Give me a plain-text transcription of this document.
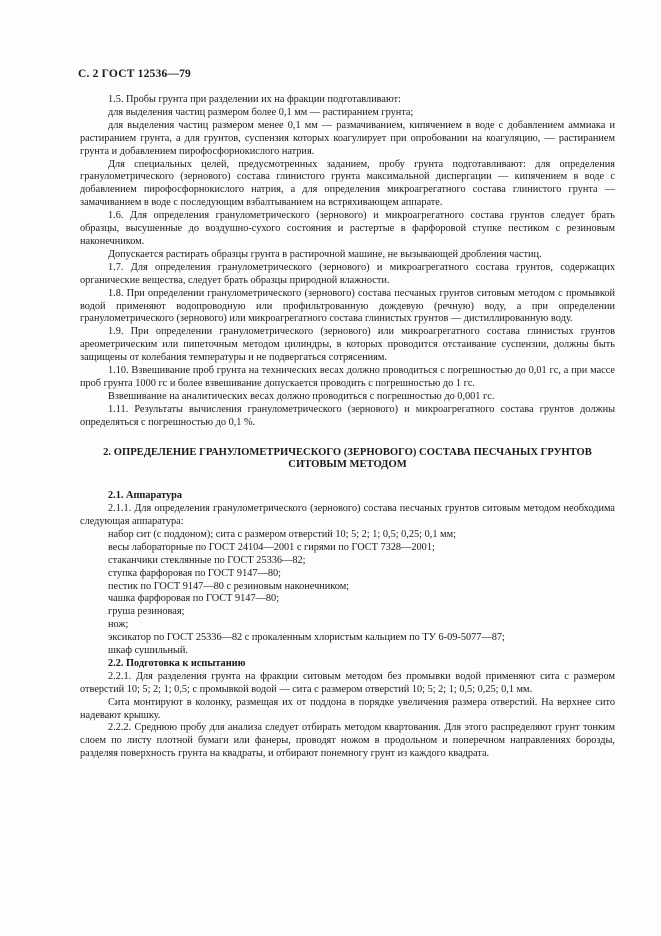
С. 2 ГОСТ 12536—79

1.5. Пробы грунта при разделении их на фракции подготавливают:

для выделения частиц размером более 0,1 мм — растиранием грунта;

для выделения частиц размером менее 0,1 мм — размачиванием, кипячением в воде с добавлением аммиака и растиранием грунта, а для грунтов, суспензия которых коагулирует при опробовании на коагуляцию, — растиранием грунта и добавлением пирофосфорнокислого натрия.

Для специальных целей, предусмотренных заданием, пробу грунта подготавливают: для определения гранулометрического (зернового) состава глинистого грунта максимальной диспергации — кипячением в воде с добавлением пирофосфорнокислого натрия, а для определения микроагрегатного состава глинистого грунта — замачиванием в воде с последующим взбалтыванием на встряхивающем аппарате.

1.6. Для определения гранулометрического (зернового) и микроагрегатного состава грунтов следует брать образцы, высушенные до воздушно-сухого состояния и растертые в фарфоровой ступке пестиком с резиновым наконечником.

Допускается растирать образцы грунта в растирочной машине, не вызывающей дробления частиц.

1.7. Для определения гранулометрического (зернового) и микроагрегатного состава грунтов, содержащих органические вещества, следует брать образцы природной влажности.

1.8. При определении гранулометрического (зернового) состава песчаных грунтов ситовым методом с промывкой водой применяют водопроводную или профильтрованную дождевую (речную) воду, а при определении гранулометрического (зернового) или микроагрегатного состава глинистых грунтов — дистиллированную воду.

1.9. При определении гранулометрического (зернового) или микроагрегатного состава глинистых грунтов ареометрическим или пипеточным методом цилиндры, в которых проводится отстаивание суспензии, должны быть защищены от колебания температуры и не подвергаться сотрясениям.

1.10. Взвешивание проб грунта на технических весах должно проводиться с погрешностью до 0,01 гс, а при массе проб грунта 1000 гс и более взвешивание допускается проводить с погрешностью до 1 гс.

Взвешивание на аналитических весах должно проводиться с погрешностью до 0,001 гс.

1.11. Результаты вычисления гранулометрического (зернового) и микроагрегатного состава грунтов должны определяться с погрешностью до 0,1 %.

2. ОПРЕДЕЛЕНИЕ ГРАНУЛОМЕТРИЧЕСКОГО (ЗЕРНОВОГО) СОСТАВА ПЕСЧАНЫХ ГРУНТОВ СИТОВЫМ МЕТОДОМ

2.1. Аппаратура

2.1.1. Для определения гранулометрического (зернового) состава песчаных грунтов ситовым методом необходима следующая аппаратура:

набор сит (с поддоном); сита с размером отверстий 10; 5; 2; 1; 0,5; 0,25; 0,1 мм;

весы лабораторные по ГОСТ 24104—2001 с гирями по ГОСТ 7328—2001;

стаканчики стеклянные по ГОСТ 25336—82;

ступка фарфоровая по ГОСТ 9147—80;

пестик по ГОСТ 9147—80 с резиновым наконечником;

чашка фарфоровая по ГОСТ 9147—80;

груша резиновая;

нож;

эксикатор по ГОСТ 25336—82 с прокаленным хлористым кальцием по ТУ 6-09-5077—87;

шкаф сушильный.

2.2. Подготовка к испытанию

2.2.1. Для разделения грунта на фракции ситовым методом без промывки водой применяют сита с размером отверстий 10; 5; 2; 1; 0,5; с промывкой водой — сита с размером отверстий 10; 5; 2; 1; 0,5; 0,25; 0,1 мм.

Сита монтируют в колонку, размещая их от поддона в порядке увеличения размера отверстий. На верхнее сито надевают крышку.

2.2.2. Среднюю пробу для анализа следует отбирать методом квартования. Для этого распределяют грунт тонким слоем по листу плотной бумаги или фанеры, проводят ножом в продольном и поперечном направлениях борозды, разделяя поверхность грунта на квадраты, и отбирают понемногу грунт из каждого квадрата.
